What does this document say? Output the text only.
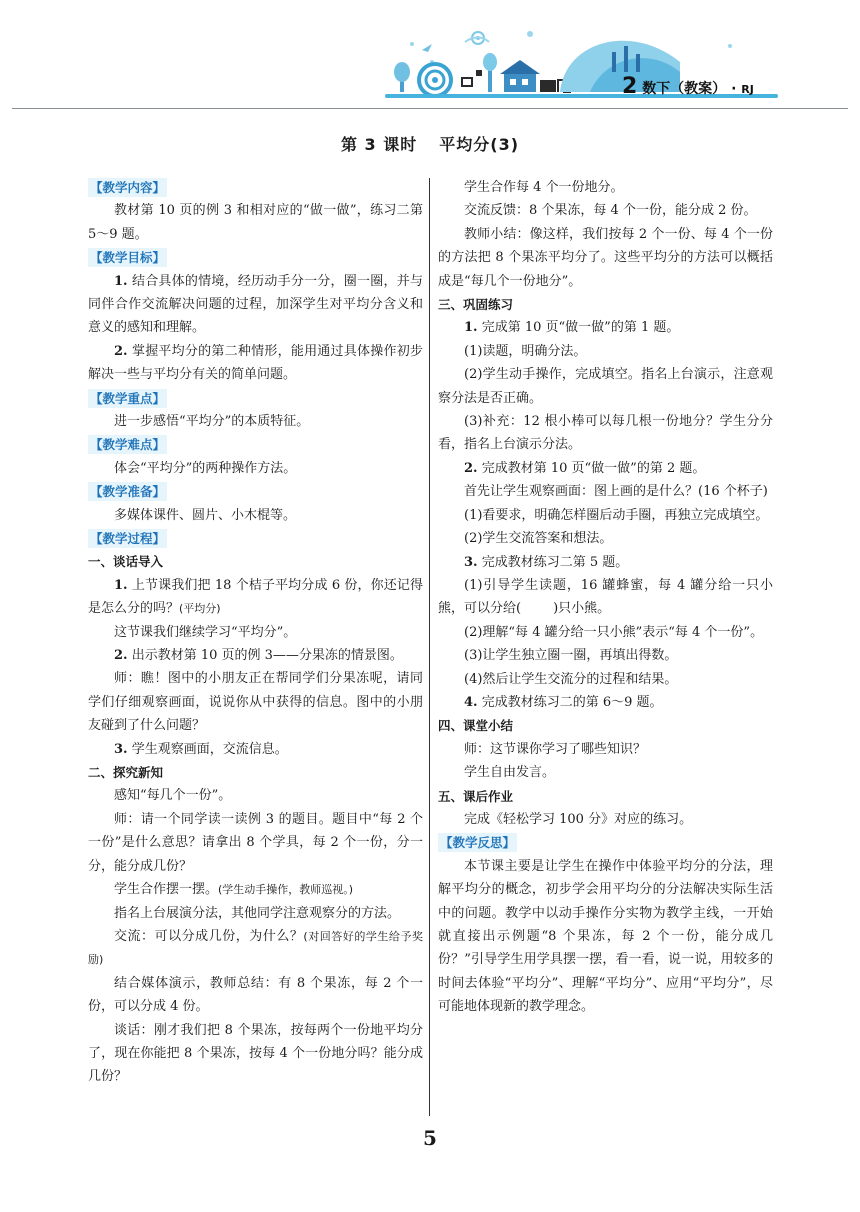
2 数下（教案） · RJ
第 3 课时 平均分(3)
【教学内容】

教材第 10 页的例 3 和相对应的“做一做”，练习二第 5～9 题。

【教学目标】

1. 结合具体的情境，经历动手分一分，圈一圈，并与同伴合作交流解决问题的过程，加深学生对平均分含义和意义的感知和理解。

2. 掌握平均分的第二种情形，能用通过具体操作初步解决一些与平均分有关的简单问题。

【教学重点】

进一步感悟“平均分”的本质特征。

【教学难点】

体会“平均分”的两种操作方法。

【教学准备】

多媒体课件、圆片、小木棍等。

【教学过程】

一、谈话导入

1. 上节课我们把 18 个桔子平均分成 6 份，你还记得是怎么分的吗？(平均分)

这节课我们继续学习“平均分”。

2. 出示教材第 10 页的例 3——分果冻的情景图。

师：瞧！图中的小朋友正在帮同学们分果冻呢，请同学们仔细观察画面，说说你从中获得的信息。图中的小朋友碰到了什么问题？

3. 学生观察画面，交流信息。

二、探究新知

感知“每几个一份”。

师：请一个同学读一读例 3 的题目。题目中“每 2 个一份”是什么意思？请拿出 8 个学具，每 2 个一份，分一分，能分成几份？

学生合作摆一摆。(学生动手操作，教师巡视。)

指名上台展演分法，其他同学注意观察分的方法。

交流：可以分成几份，为什么？(对回答好的学生给予奖励)

结合媒体演示，教师总结：有 8 个果冻，每 2 个一份，可以分成 4 份。

谈话：刚才我们把 8 个果冻，按每两个一份地平均分了，现在你能把 8 个果冻，按每 4 个一份地分吗？能分成几份？

学生合作每 4 个一份地分。

交流反馈：8 个果冻，每 4 个一份，能分成 2 份。

教师小结：像这样，我们按每 2 个一份、每 4 个一份的方法把 8 个果冻平均分了。这些平均分的方法可以概括成是“每几个一份地分”。

三、巩固练习

1. 完成第 10 页“做一做”的第 1 题。

(1)读题，明确分法。

(2)学生动手操作，完成填空。指名上台演示，注意观察分法是否正确。

(3)补充：12 根小棒可以每几根一份地分？学生分分看，指名上台演示分法。

2. 完成教材第 10 页“做一做”的第 2 题。

首先让学生观察画面：图上画的是什么？(16 个杯子)

(1)看要求，明确怎样圈后动手圈，再独立完成填空。

(2)学生交流答案和想法。

3. 完成教材练习二第 5 题。

(1)引导学生读题，16 罐蜂蜜，每 4 罐分给一只小熊，可以分给( )只小熊。

(2)理解“每 4 罐分给一只小熊”表示“每 4 个一份”。

(3)让学生独立圈一圈，再填出得数。

(4)然后让学生交流分的过程和结果。

4. 完成教材练习二的第 6～9 题。

四、课堂小结

师：这节课你学习了哪些知识？

学生自由发言。

五、课后作业

完成《轻松学习 100 分》对应的练习。

【教学反思】

本节课主要是让学生在操作中体验平均分的分法，理解平均分的概念，初步学会用平均分的分法解决实际生活中的问题。教学中以动手操作分实物为教学主线，一开始就直接出示例题“8 个果冻，每 2 个一份，能分成几份？”引导学生用学具摆一摆，看一看，说一说，用较多的时间去体验“平均分”、理解“平均分”、应用“平均分”，尽可能地体现新的教学理念。

5
